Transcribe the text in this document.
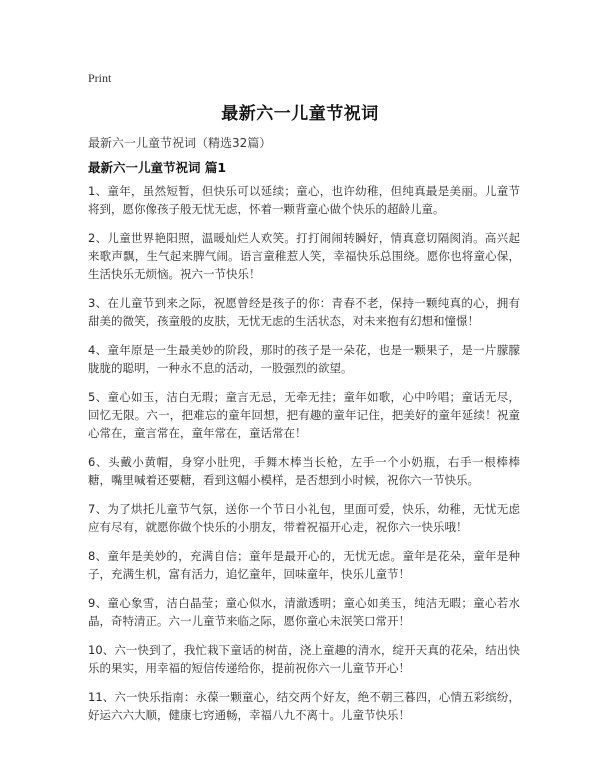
Print
最新六一儿童节祝词
最新六一儿童节祝词（精选32篇）
最新六一儿童节祝词 篇1

1、童年，虽然短暂，但快乐可以延续；童心，也许幼稚，但纯真最是美丽。儿童节将到，愿你像孩子般无忧无虑，怀着一颗背童心做个快乐的超龄儿童。

2、儿童世界艳阳照，温暖灿烂人欢笑。打打闹闹转瞬好，情真意切隔阂消。高兴起来歌声飘，生气起来脾气闹。语言童稚惹人笑，幸福快乐总围绕。愿你也将童心保，生活快乐无烦恼。祝六一节快乐！

3、在儿童节到来之际，祝愿曾经是孩子的你：青春不老，保持一颗纯真的心，拥有甜美的微笑，孩童般的皮肤，无忧无虑的生活状态，对未来抱有幻想和憧憬！

4、童年原是一生最美妙的阶段，那时的孩子是一朵花，也是一颗果子，是一片朦朦胧胧的聪明，一种永不息的活动，一股强烈的欲望。

5、童心如玉，洁白无瑕；童言无忌，无牵无挂；童年如歌，心中吟唱；童话无尽，回忆无限。六一，把难忘的童年回想，把有趣的童年记住，把美好的童年延续！祝童心常在，童言常在，童年常在，童话常在！

6、头戴小黄帽，身穿小肚兜，手舞木棒当长枪，左手一个小奶瓶，右手一根棒棒糖，嘴里喊着还要糖，看到这幅小模样，是否想到小时候，祝你六一节快乐。

7、为了烘托儿童节气氛，送你一个节日小礼包，里面可爱，快乐，幼稚，无忧无虑应有尽有，就愿你做个快乐的小朋友，带着祝福开心走，祝你六一快乐哦！

8、童年是美妙的，充满自信；童年是最开心的，无忧无虑。童年是花朵，童年是种子，充满生机，富有活力，追忆童年，回味童年，快乐儿童节！

9、童心象雪，洁白晶莹；童心似水，清澈透明；童心如美玉，纯洁无暇；童心若水晶，奇特清正。六一儿童节来临之际，愿你童心未泯笑口常开！

10、六一快到了，我忙栽下童话的树苗，浇上童趣的清水，绽开天真的花朵，结出快乐的果实，用幸福的短信传递给你，提前祝你六一儿童节开心！

11、六一快乐指南：永葆一颗童心，结交两个好友，绝不朝三暮四，心情五彩缤纷，好运六六大顺，健康七窍通畅，幸福八九不离十。儿童节快乐！
